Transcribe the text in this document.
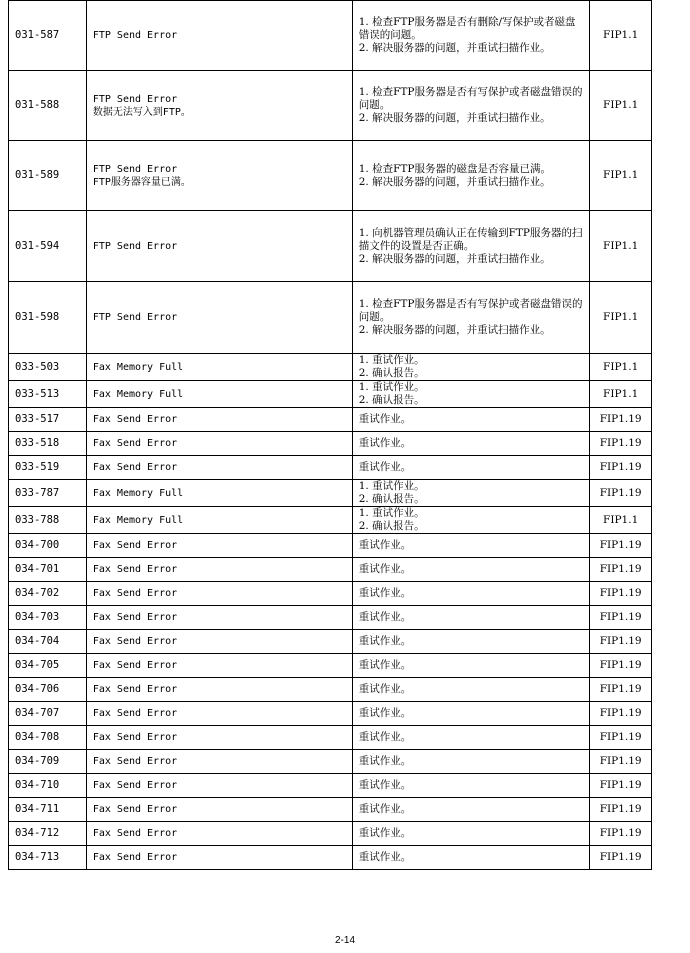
031-587	FTP Send Error	1. 检查FTP服务器是否有删除/写保护或者磁盘错误的问题。
2. 解决服务器的问题，并重试扫描作业。	FIP1.1
031-588	FTP Send Error
数据无法写入到FTP。	1. 检查FTP服务器是否有写保护或者磁盘错误的问题。
2. 解决服务器的问题，并重试扫描作业。	FIP1.1
031-589	FTP Send Error
FTP服务器容量已满。	1. 检查FTP服务器的磁盘是否容量已满。
2. 解决服务器的问题，并重试扫描作业。	FIP1.1
031-594	FTP Send Error	1. 向机器管理员确认正在传输到FTP服务器的扫描文件的设置是否正确。
2. 解决服务器的问题，并重试扫描作业。	FIP1.1
031-598	FTP Send Error	1. 检查FTP服务器是否有写保护或者磁盘错误的问题。
2. 解决服务器的问题，并重试扫描作业。	FIP1.1
033-503	Fax Memory Full	1. 重试作业。
2. 确认报告。	FIP1.1
033-513	Fax Memory Full	1. 重试作业。
2. 确认报告。	FIP1.1
033-517	Fax Send Error	重试作业。	FIP1.19
033-518	Fax Send Error	重试作业。	FIP1.19
033-519	Fax Send Error	重试作业。	FIP1.19
033-787	Fax Memory Full	1. 重试作业。
2. 确认报告。	FIP1.19
033-788	Fax Memory Full	1. 重试作业。
2. 确认报告。	FIP1.1
034-700	Fax Send Error	重试作业。	FIP1.19
034-701	Fax Send Error	重试作业。	FIP1.19
034-702	Fax Send Error	重试作业。	FIP1.19
034-703	Fax Send Error	重试作业。	FIP1.19
034-704	Fax Send Error	重试作业。	FIP1.19
034-705	Fax Send Error	重试作业。	FIP1.19
034-706	Fax Send Error	重试作业。	FIP1.19
034-707	Fax Send Error	重试作业。	FIP1.19
034-708	Fax Send Error	重试作业。	FIP1.19
034-709	Fax Send Error	重试作业。	FIP1.19
034-710	Fax Send Error	重试作业。	FIP1.19
034-711	Fax Send Error	重试作业。	FIP1.19
034-712	Fax Send Error	重试作业。	FIP1.19
034-713	Fax Send Error	重试作业。	FIP1.19
2-14
